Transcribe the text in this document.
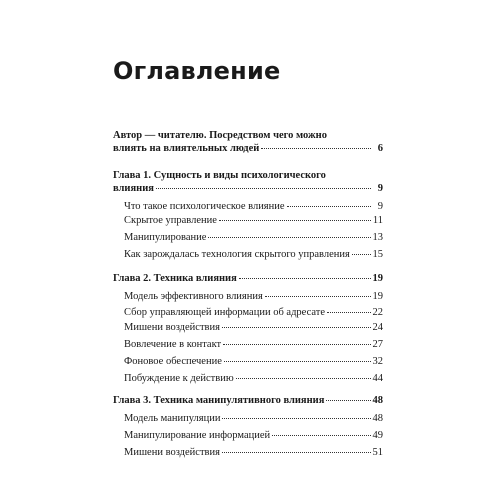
Оглавление
Автор — читателю. Посредством чего можно
влиять на влиятельных людей	6
Глава 1. Сущность и виды психологического
влияния	9
Что такое психологическое влияние	9
Скрытое управление	11
Манипулирование	13
Как зарождалась технология скрытого управления 15
Глава 2. Техника влияния	19
Модель эффективного влияния	19
Сбор управляющей информации об адресате	22
Мишени воздействия	24
Вовлечение в контакт	27
Фоновое обеспечение	32
Побуждение к действию	44
Глава 3. Техника манипулятивного влияния	48
Модель манипуляции	48
Манипулирование информацией	49
Мишени воздействия	51
